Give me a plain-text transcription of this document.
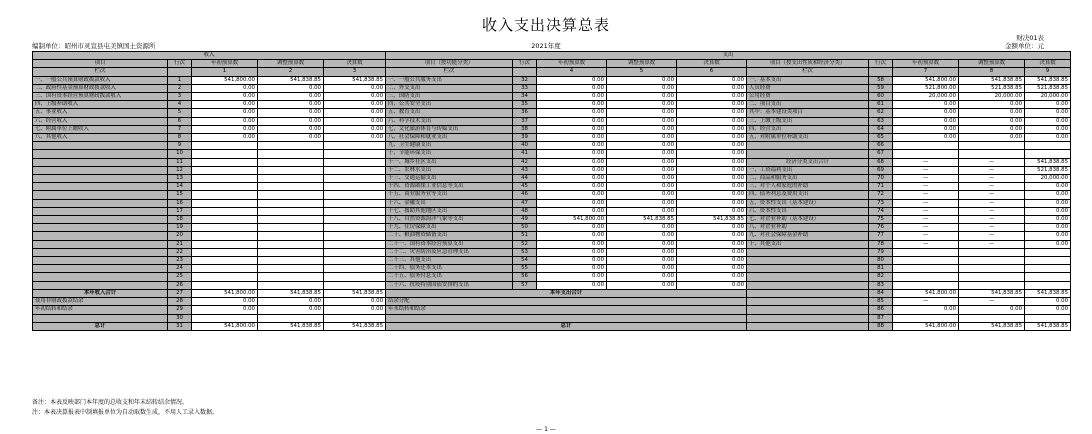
收入支出决算总表
财决01表
编制单位：昭州市灵宣县屯美镇国土资源所	2021年度	金额单位：元
收入					支出									
项目	行次	年初预算数	调整预算数	决算数	项目（按功能分类）	行次	年初预算数	调整预算数	决算数	项目（按支出性质和经济分类）	行次	年初预算数	调整预算数	决算数
栏次		1	2	3	栏次		4	5	6	栏次		7	8	9
一、一般公共预算财政拨款收入	1	541,800.00	541,838.85	541,838.85	一、一般公共服务支出	32	0.00	0.00	0.00	一、基本支出	58	541,800.00	541,838.85	541,838.85
二、政府性基金预算财政拨款收入	2	0.00	0.00	0.00	二、外交支出	33	0.00	0.00	0.00	人员经费	59	521,800.00	521,838.85	521,838.85
三、国有资本经营预算财政拨款收入	3	0.00	0.00	0.00	三、国防支出	34	0.00	0.00	0.00	公用经费	60	20,000.00	20,000.00	20,000.00
四、上级补助收入	4	0.00	0.00	0.00	四、公共安全支出	35	0.00	0.00	0.00	二、项目支出	61	0.00	0.00	0.00
五、事业收入	5	0.00	0.00	0.00	五、教育支出	36	0.00	0.00	0.00	其中：基本建设类项目	62	0.00	0.00	0.00
六、经营收入	6	0.00	0.00	0.00	六、科学技术支出	37	0.00	0.00	0.00	三、上缴上级支出	63	0.00	0.00	0.00
七、附属单位上缴收入	7	0.00	0.00	0.00	七、文化旅游体育与传媒支出	38	0.00	0.00	0.00	四、经营支出	64	0.00	0.00	0.00
八、其他收入	8	0.00	0.00	0.00	八、社会保障和就业支出	39	0.00	0.00	0.00	五、对附属单位补助支出	65	0.00	0.00	0.00
	9				九、卫生健康支出	40	0.00	0.00	0.00		66			
	10				十、节能环保支出	41	0.00	0.00	0.00		67			
	11				十一、城乡社区支出	42	0.00	0.00	0.00	经济分类支出合计	68	—	—	541,838.85
	12				十二、农林水支出	43	0.00	0.00	0.00	一、工资福利支出	69	—	—	521,838.85
	13				十三、交通运输支出	44	0.00	0.00	0.00	二、商品和服务支出	70	—	—	20,000.00
	14				十四、资源勘探工业信息等支出	45	0.00	0.00	0.00	三、对个人和家庭的补助	71	—	—	0.00
	15				十五、商业服务业等支出	46	0.00	0.00	0.00	四、债务利息及费用支出	72	—	—	0.00
	16				十六、金融支出	47	0.00	0.00	0.00	五、资本性支出（基本建设）	73	—	—	0.00
	17				十七、援助其他地区支出	48	0.00	0.00	0.00	六、资本性支出	74	—	—	0.00
	18				十八、自然资源海洋气象等支出	49	541,800.00	541,838.85	541,838.85	七、对企业补助（基本建设）	75	—	—	0.00
	19				十九、住房保障支出	50	0.00	0.00	0.00	八、对企业补助	76	—	—	0.00
	20				二十、粮油物资储备支出	51	0.00	0.00	0.00	九、对社会保障基金补助	77	—	—	0.00
	21				二十一、国有资本经营预算支出	52	0.00	0.00	0.00	十、其他支出	78	—	—	0.00
	22				二十二、灾害防治及应急管理支出	53	0.00	0.00	0.00		79			
	23				二十三、其他支出	54	0.00	0.00	0.00		80			
	24				二十四、债务还本支出	55	0.00	0.00	0.00		81			
	25				二十五、债务付息支出	56	0.00	0.00	0.00		82			
	26				二十六、抗疫特别国债安排的支出	57	0.00	0.00	0.00		83			
本年收入合计	27	541,800.00	541,838.85	541,838.85	本年支出合计						84	541,800.00	541,838.85	541,838.85
使用非财政拨款结余	28	0.00	0.00	0.00	结余分配						85	—	—	0.00
年初结转和结余	29	0.00	0.00	0.00	年末结转和结余						86	0.00	0.00	0.00
	30										87			
总计	31	541,800.00	541,838.85	541,838.85	总计						88	541,800.00	541,838.85	541,838.85
备注：本表反映部门本年度的总收支和年末结转结余情况。
注：本表决算报表中制填报单位为自动取数生成，不用人工录入数据。
— 1 —
